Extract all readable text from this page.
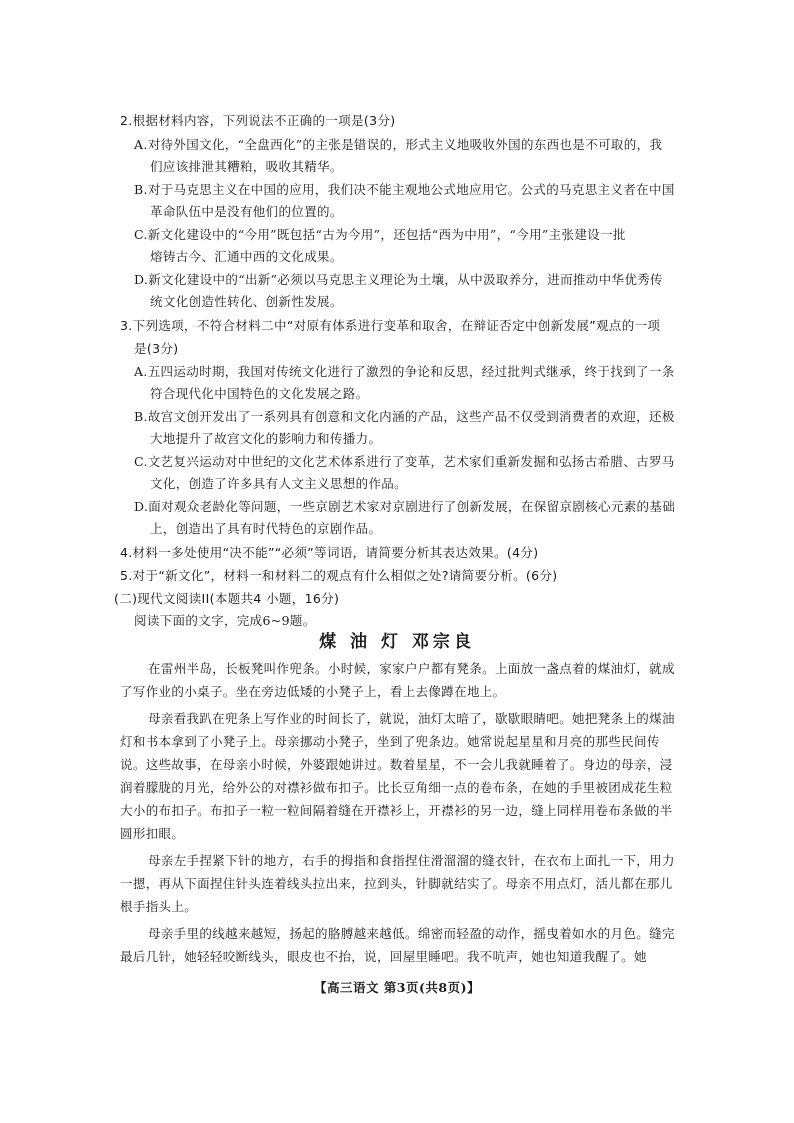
2.根据材料内容，下列说法不正确的一项是(3分)
A.对待外国文化，“全盘西化”的主张是错误的，形式主义地吸收外国的东西也是不可取的，我
们应该排泄其糟粕，吸收其精华。
B.对于马克思主义在中国的应用，我们决不能主观地公式地应用它。公式的马克思主义者在中国
革命队伍中是没有他们的位置的。
C.新文化建设中的“今用”既包括“古为今用”，还包括“西为中用”，“今用”主张建设一批
熔铸古今、汇通中西的文化成果。
D.新文化建设中的“出新”必须以马克思主义理论为土壤，从中汲取养分，进而推动中华优秀传
统文化创造性转化、创新性发展。
3.下列选项，不符合材料二中“对原有体系进行变革和取舍，在辩证否定中创新发展”观点的一项
是(3分)
A.五四运动时期，我国对传统文化进行了激烈的争论和反思，经过批判式继承，终于找到了一条
符合现代化中国特色的文化发展之路。
B.故宫文创开发出了一系列具有创意和文化内涵的产品，这些产品不仅受到消费者的欢迎，还极
大地提升了故宫文化的影响力和传播力。
C.文艺复兴运动对中世纪的文化艺术体系进行了变革，艺术家们重新发掘和弘扬古希腊、古罗马
文化，创造了许多具有人文主义思想的作品。
D.面对观众老龄化等问题，一些京剧艺术家对京剧进行了创新发展，在保留京剧核心元素的基础
上，创造出了具有时代特色的京剧作品。
4.材料一多处使用“决不能”“必须”等词语，请简要分析其表达效果。(4分)
5.对于“新文化”，材料一和材料二的观点有什么相似之处?请简要分析。(6分)
(二)现代文阅读II(本题共4 小题，16分)
阅读下面的文字，完成6~9题。
煤 油 灯 邓宗良
在雷州半岛，长板凳叫作兜条。小时候，家家户户都有凳条。上面放一盏点着的煤油灯，就成
了写作业的小桌子。坐在旁边低矮的小凳子上，看上去像蹲在地上。
母亲看我趴在兜条上写作业的时间长了，就说，油灯太暗了，歇歇眼睛吧。她把凳条上的煤油
灯和书本拿到了小凳子上。母亲挪动小凳子，坐到了兜条边。她常说起星星和月亮的那些民间传
说。这些故事，在母亲小时候，外婆跟她讲过。数着星星，不一会儿我就睡着了。身边的母亲，浸
润着朦胧的月光，给外公的对襟衫做布扣子。比长豆角细一点的卷布条，在她的手里被团成花生粒
大小的布扣子。布扣子一粒一粒间隔着缝在开襟衫上，开襟衫的另一边，缝上同样用卷布条做的半
圆形扣眼。
母亲左手捏紧下针的地方，右手的拇指和食指捏住滑溜溜的缝衣针，在衣布上面扎一下，用力
一摁，再从下面捏住针头连着线头拉出来，拉到头，针脚就结实了。母亲不用点灯，活儿都在那儿
根手指头上。
母亲手里的线越来越短，扬起的胳膊越来越低。绵密而轻盈的动作，摇曳着如水的月色。缝完
最后几针，她轻轻咬断线头，眼皮也不抬，说，回屋里睡吧。我不吭声，她也知道我醒了。她
【高三语文 第3页(共8页)】
